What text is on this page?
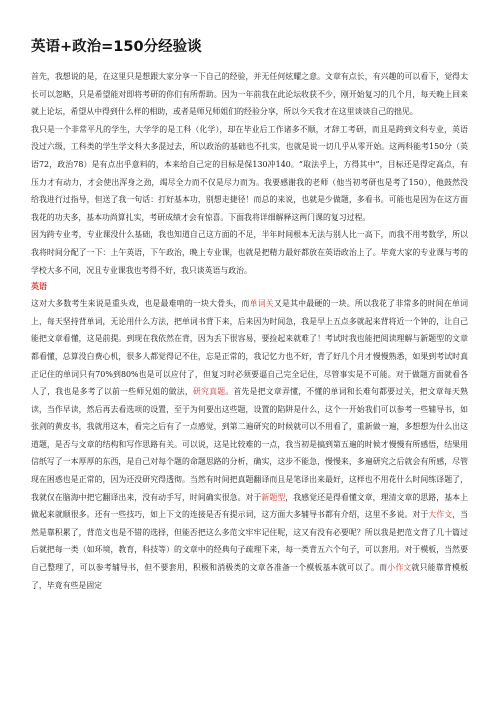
英语+政治=150分经验谈

首先，我想说的是，在这里只是想跟大家分享一下自己的经验，并无任何炫耀之意。文章有点长，有兴趣的可以看下，觉得太长可以忽略，只是希望能对即将考研的你们有所帮助。因为一年前我在此论坛收获不少，刚开始复习的几个月，每天晚上回来就上论坛，希望从中得到什么样的相助，或者是师兄师姐们的经验分享，所以今天我才在这里谈谈自己的拙见。

我只是一个非常平凡的学生，大学学的是工科（化学），却在毕业后工作诸多不顺，才辞工考研，而且是跨到文科专业，英语没过六级，工科类的学生学文科大多混过去，所以政治的基础也不扎实，也就是说一切几乎从零开始。这两科能考150分（英语72，政治78）是有点出乎意料的，本来给自己定的目标是保130冲140。“取法乎上，方得其中”，目标还是得定高点，有压力才有动力，才会使出浑身之劲，竭尽全力而不仅是尽力而为。我要感谢我的老师（他当初考研也是考了150），他鼓然没给我进行过指导，但送了我一句话：打好基本功，别想走捷径！而总的来说，也就是少做题，多看书。可能也是因为在这方面我花的功夫多，基本功尚算扎实，考研成绩才会有惊喜。下面我将详细解释这两门课的复习过程。

因为跨专业考，专业课没什么基础，我也知道自己这方面的不足，半年时间根本无法与别人比一高下，而我不用考数学，所以我将时间分配了一下：上午英语，下午政治，晚上专业课，也就是把精力最好都放在英语政治上了。毕竟大家的专业课与考的学校大多不同，况且专业课我也考得不好，我只谈英语与政治。

英语

这对大多数考生来说是重头戏，也是最难啃的一块大骨头，而单词关又是其中最硬的一块。所以我花了非常多的时间在单词上，每天坚持背单词，无论用什么方法，把单词书背下来，后来因为时间急，我是早上五点多就起来背将近一个钟的，让自己能把文章看懂，这是前提。到现在我依然在背，因为丢下很容易，要捡起来就难了！考试时我也能把阅读理解与新题型的文章都看懂，总算没白费心机，很多人都觉得记不住，忘是正常的，我记忆力也不好，背了好几个月才慢慢熟悉，如果到考试时真正记住的单词只有70%到80%也是可以应付了，但复习时必须要逼自己完全记住，尽管事实是不可能。对于做题方面就看各人了，我也是多考了以前一些师兄姐的做法，研究真题。首先是把文章弄懂，不懂的单词和长难句都要过关，把文章每天熟读，当作早读，然后再去看选项的设置，至于为何要出这些题，设置的陷阱是什么，这个一开始我们可以参考一些辅导书，如张剑的黄皮书，我就用这本，看完之后有了一点感觉，到第二遍研究的时候就可以不用看了，重新做一遍，多想想为什么出这道题，是否与文章的结构和写作思路有关。可以说，这是比较难的一点，我当初是搞到第五遍的时候才慢慢有所感悟，结果用信纸写了一本厚厚的东西，是自己对每个题的命题思路的分析，确实，这步不能急，慢慢来，多遍研究之后就会有所感，尽管现在困惑也是正常的，因为还没研究得透彻。当然有时间把真题翻译而且是笔译出来最好，这样也不用花什么时间练译题了，我就仅在脑海中把它翻译出来，没有动手写，时间确实很急。对于新题型，我感觉还是得看懂文章，理清文章的思路，基本上做起来就顺很多。还有一些技巧，如上下文的连接是否有提示词，这方面大多辅导书都有介绍，这里不多说。对于大作文，当然是靠积累了，背范文也是不错的选择，但能否把这么多范文牢牢记住呢，这又有没有必要呢？所以我是把范文背了几十篇过后就把每一类（如环境，教育，科技等）的文章中的经典句子疏理下来，每一类背五六个句子，可以套用。对于模板，当然要自己整理了，可以参考辅导书，但不要套用，积极和消极类的文章各准备一个模板基本就可以了。而小作文就只能靠背模板了，毕竟有些是固定
